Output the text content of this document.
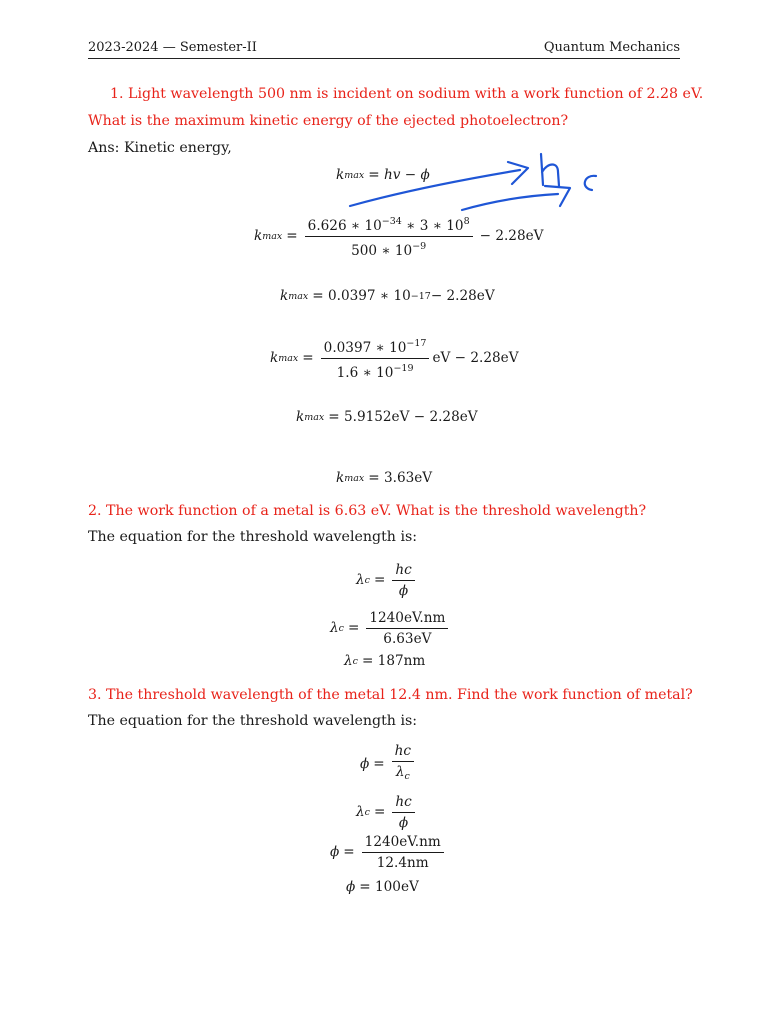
2023-2024 — Semester-II	Quantum Mechanics
1. Light wavelength 500 nm is incident on sodium with a work function of 2.28 eV.
What is the maximum kinetic energy of the ejected photoelectron?
Ans: Kinetic energy,
k max = hv − ϕ
k $\max = \frac{6.626 ∗ 10^{-34} ∗ 3 ∗ 10^8}{500 ∗ 10^{-9}} - 2.28eV$
k max = 0.0397 ∗ 10 −17 − 2.28eV
k $\max = \frac{0.0397 ∗ 10^{-17}}{1.6 ∗ 10^{-19}}$ eV − 2.28eV
k max = 5.9152eV − 2.28eV
k max = 3.63eV
2. The work function of a metal is 6.63 eV. What is the threshold wavelength?
The equation for the threshold wavelength is:
λ $c = \frac{hc}{\phi}$
λ $c = \frac{1240eV.nm}{6.63eV}$
λ c = 187nm
3. The threshold wavelength of the metal 12.4 nm. Find the work function of metal?
The equation for the threshold wavelength is:
$\phi = \frac{hc}{\lambda_c}$
λ $c = \frac{hc}{\phi}$
$\phi = \frac{1240eV.nm}{12.4nm}$
ϕ = 100eV
